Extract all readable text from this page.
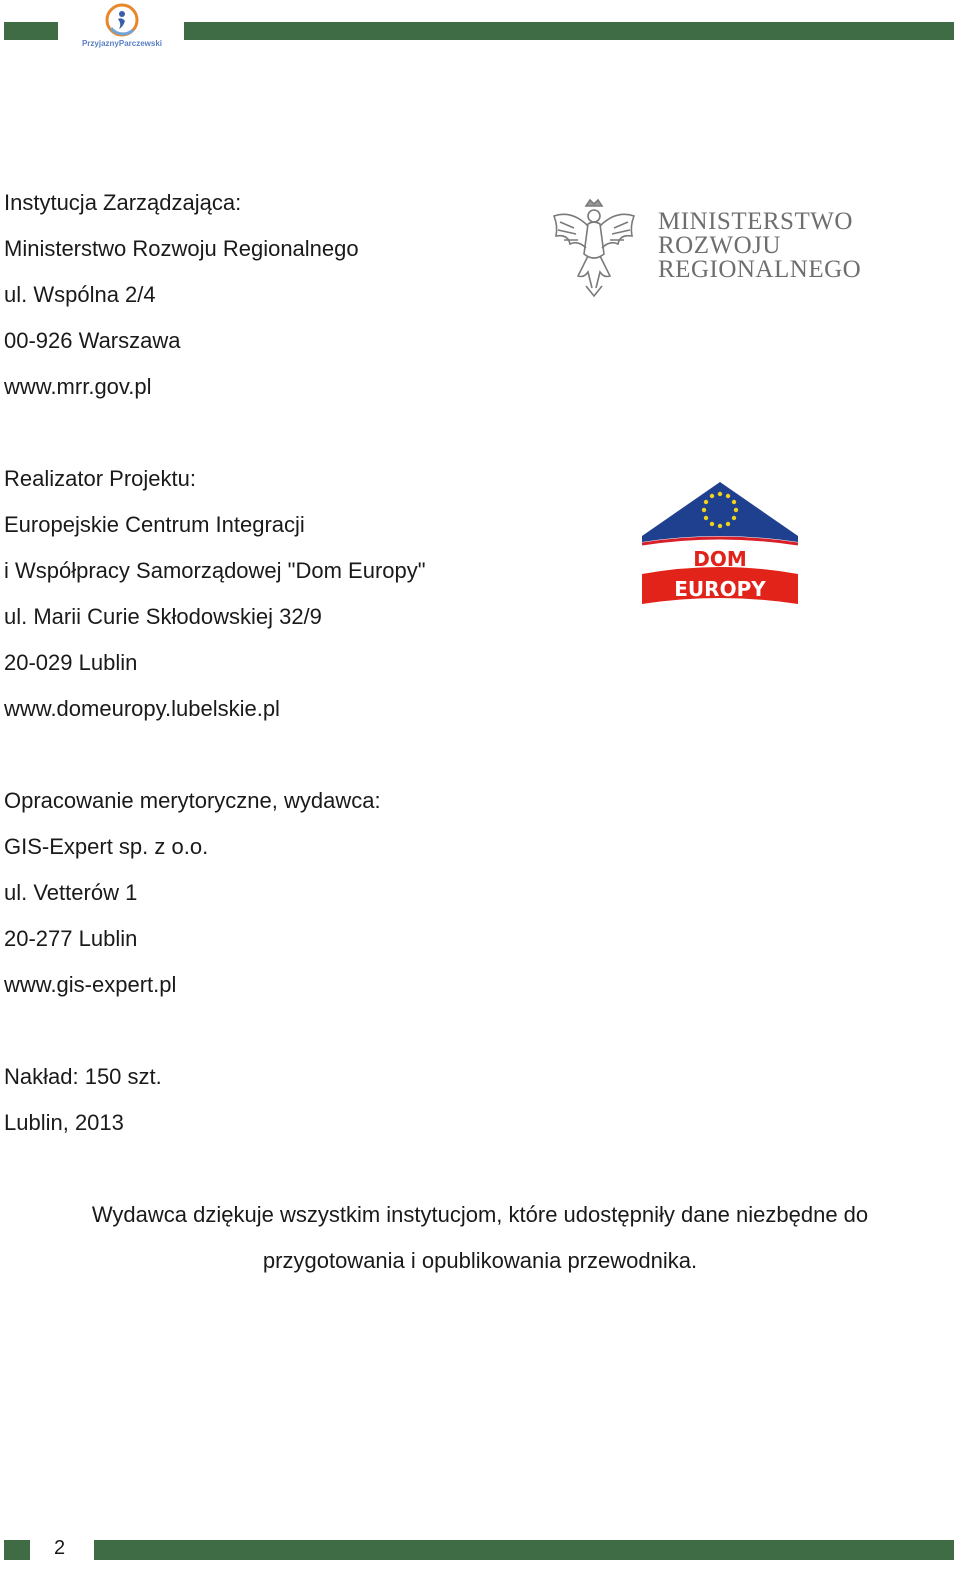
PrzyjaznyParczewski
Instytucja Zarządzająca:
Ministerstwo Rozwoju Regionalnego
ul. Wspólna 2/4
00-926 Warszawa
www.mrr.gov.pl
MINISTERSTWO
ROZWOJU
REGIONALNEGO
Realizator Projektu:
Europejskie Centrum Integracji
i Współpracy Samorządowej "Dom Europy"
ul. Marii Curie Skłodowskiej 32/9
20-029 Lublin
www.domeuropy.lubelskie.pl
DOM
EUROPY
Opracowanie merytoryczne, wydawca:
GIS-Expert sp. z o.o.
ul. Vetterów 1
20-277 Lublin
www.gis-expert.pl
Nakład: 150 szt.
Lublin, 2013
Wydawca dziękuje wszystkim instytucjom, które udostępniły dane niezbędne do
przygotowania i opublikowania przewodnika.
2
